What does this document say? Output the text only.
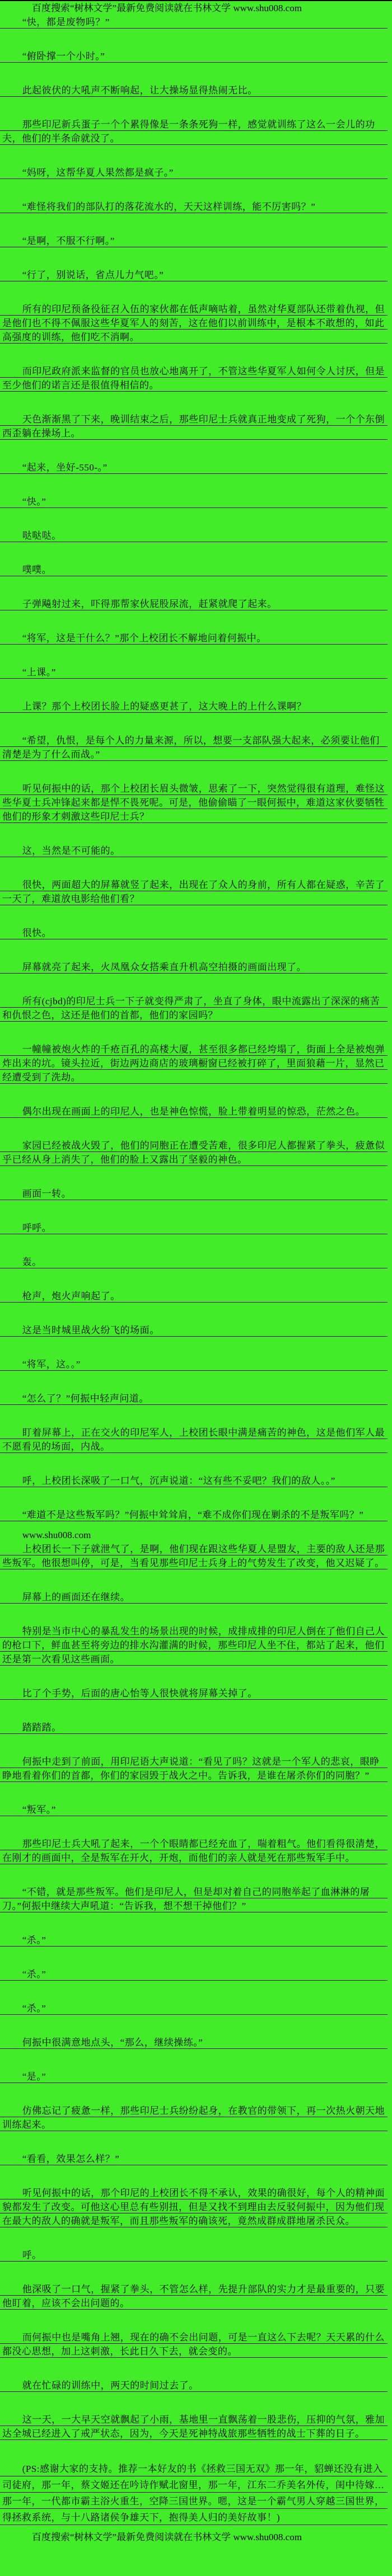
百度搜索“树林文学”最新免费阅读就在书林文学 www.shu008.com
“快，都是废物吗？”
“俯卧撑一个小时。”
此起彼伏的大吼声不断响起，让大操场显得热闹无比。
那些印尼新兵蛋子一个个累得像是一条条死狗一样，感觉就训练了这么一会儿的功夫，他们的半条命就没了。
“妈呀，这帮华夏人果然都是疯子。”
“难怪将我们的部队打的落花流水的，天天这样训练，能不厉害吗？”
“是啊，不服不行啊。”
“行了，别说话，省点儿力气吧。”
所有的印尼预备役征召入伍的家伙都在低声嘀咕着，虽然对华夏部队还带着仇视，但是他们也不得不佩服这些华夏军人的刻苦，这在他们以前训练中，是根本不敢想的，如此高强度的训练，他们吃不消啊。
而印尼政府派来监督的官员也放心地离开了，不管这些华夏军人如何令人讨厌，但是至少他们的诺言还是很值得相信的。
天色渐渐黑了下来，晚训结束之后，那些印尼士兵就真正地变成了死狗，一个个东倒西歪躺在操场上。
“起来，坐好-550-。”
“快。”
哒哒哒。
噗噗。
子弹飚射过来，吓得那帮家伙屁股尿流，赶紧就爬了起来。
“将军，这是干什么？”那个上校团长不解地问着何振中。
“上课。”
上课？那个上校团长脸上的疑惑更甚了，这大晚上的上什么课啊？
“希望，仇恨，是每个人的力量来源，所以，想要一支部队强大起来，必须要让他们清楚是为了什么而战。”
听见何振中的话，那个上校团长眉头微皱，思索了一下，突然觉得很有道理，难怪这些华夏士兵冲锋起来都是悍不畏死呢。可是，他偷偷瞄了一眼何振中，难道这家伙要牺牲他们的形象才刺激这些印尼士兵？
这，当然是不可能的。
很快，两面超大的屏幕就竖了起来，出现在了众人的身前，所有人都在疑惑，辛苦了一天了，难道放电影给他们看？
很快。
屏幕就亮了起来，火凤凰众女搭乘直升机高空拍摄的画面出现了。
所有(cjbd)的印尼士兵一下子就变得严肃了，坐直了身体，眼中流露出了深深的痛苦和仇恨之色，这还是他们的首都，他们的家园吗？
一幢幢被炮火炸的千疮百孔的高楼大厦，甚至很多都已经垮塌了，街面上全是被炮弹炸出来的坑。镜头拉近，街边两边商店的玻璃橱窗已经被打碎了，里面狼藉一片，显然已经遭受到了洗劫。
偶尔出现在画面上的印尼人，也是神色惊慌，脸上带着明显的惊恐，茫然之色。
家园已经被战火毁了，他们的同胞正在遭受苦难，很多印尼人都握紧了拳头，疲惫似乎已经从身上消失了，他们的脸上又露出了坚毅的神色。
画面一转。
呼呼。
轰。
枪声，炮火声响起了。
这是当时城里战火纷飞的场面。
“将军，这。。”
“怎么了？”何振中轻声问道。
盯着屏幕上，正在交火的印尼军人，上校团长眼中满是痛苦的神色，这是他们军人最不愿看见的场面，内战。
呼，上校团长深吸了一口气，沉声说道：“这有些不妥吧？我们的敌人。。”
“难道不是这些叛军吗？”何振中耸耸肩，“难不成你们现在剿杀的不是叛军吗？”
www.shu008.com
上校团长一下子就泄气了，是啊，他们现在跟这些华夏人是盟友，主要的敌人还是那些叛军。他很想叫停，可是，当看见那些印尼士兵身上的气势发生了改变，他又迟疑了。
屏幕上的画面还在继续。
特别是当市中心的暴乱发生的场景出现的时候，成排成排的印尼人倒在了他们自己人的枪口下，鲜血甚至将旁边的排水沟灌满的时候，那些印尼人坐不住，都站了起来，他们还是第一次看见这些画面。
比了个手势，后面的唐心怡等人很快就将屏幕关掉了。
踏踏踏。
何振中走到了前面，用印尼语大声说道：“看见了吗？这就是一个军人的悲哀，眼睁睁地看着你们的首都，你们的家园毁于战火之中。告诉我，是谁在屠杀你们的同胞？”
“叛军。”
那些印尼士兵大吼了起来，一个个眼睛都已经充血了，喘着粗气。他们看得很清楚，在刚才的画面中，全是叛军在开火，开炮，而他们的亲人就是死在那些叛军手中。
“不错，就是那些叛军。他们是印尼人，但是却对着自己的同胞举起了血淋淋的屠刀。”何振中继续大声吼道：“告诉我，想不想干掉他们？”
“杀。”
“杀。”
“杀。”
何振中很满意地点头，“那么，继续操练。”
“是。”
仿佛忘记了疲惫一样，那些印尼士兵纷纷起身，在教官的带领下，再一次热火朝天地训练起来。
“看看，效果怎么样？”
听见何振中的话，那个印尼的上校团长不得不承认，效果的确很好，每个人的精神面貌都发生了改变。可他这心里总有些别扭，但是又找不到理由去反驳何振中，因为他们现在最大的敌人的确就是叛军，而且那些叛军的确该死，竟然成群成群地屠杀民众。
呼。
他深吸了一口气，握紧了拳头，不管怎么样，先提升部队的实力才是最重要的，只要他盯着，应该不会出问题的。
而何振中也是嘴角上翘，现在的确不会出问题，可是一直这么下去呢？天天累的什么都没心思想，加上这刺激，长此日久下去，就会变的。
就在忙碌的训练中，两天的时间过去了。
这一天，一大早天空就飘起了小雨，基地里一直飘荡着一股悲伤，压抑的气氛，雅加达全城已经进入了戒严状态，因为，今天是死神特战旅那些牺牲的战士下葬的日子。
(PS:感谢大家的支持。推荐一本好友的书《拯救三国无双》那一年，貂蝉还没有进入司徒府，那一年，蔡文姬还在吟诗作赋北窗里，那一年，江东二乔美名外传，闺中待嫁…那一年，一代都市霸主浴火重生，空降三国世界。嗯，这是一个霸气男人穿越三国世界，得拯救系统，与十八路诸侯争雄天下，抱得美人归的美好故事！)
百度搜索“树林文学”最新免费阅读就在书林文学 www.shu008.com
